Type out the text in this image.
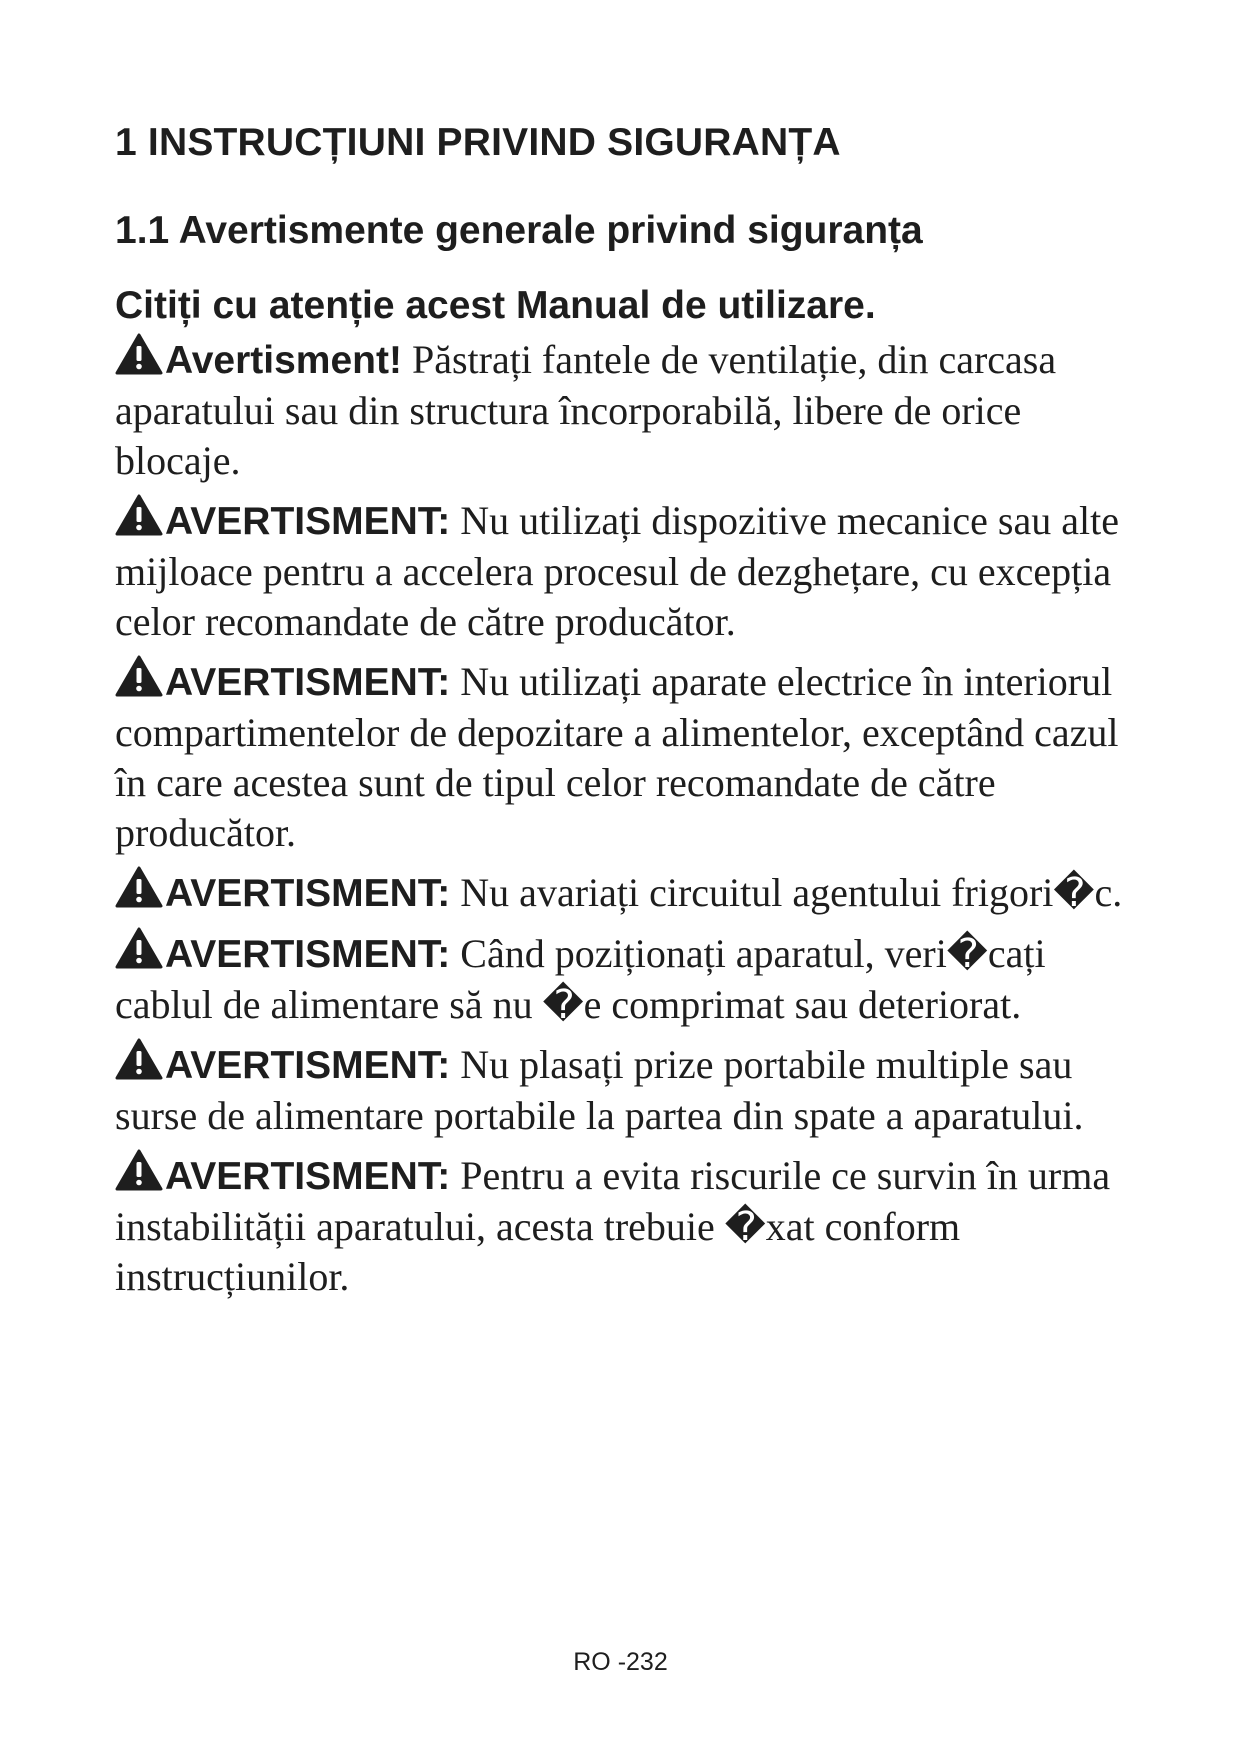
1 INSTRUCȚIUNI PRIVIND SIGURANȚA
1.1 Avertismente generale privind siguranța
Citiți cu atenție acest Manual de utilizare.
Avertisment! Păstrați fantele de ventilație, din carcasa aparatului sau din structura încorporabilă, libere de orice blocaje.
AVERTISMENT: Nu utilizați dispozitive mecanice sau alte mijloace pentru a accelera procesul de dezghețare, cu excepția celor recomandate de către producător.
AVERTISMENT: Nu utilizați aparate electrice în interiorul compartimentelor de depozitare a alimentelor, exceptând cazul în care acestea sunt de tipul celor recomandate de către producător.
AVERTISMENT: Nu avariați circuitul agentului frigori�c.
AVERTISMENT: Când poziționați aparatul, veri�cați cablul de alimentare să nu �e comprimat sau deteriorat.
AVERTISMENT: Nu plasați prize portabile multiple sau surse de alimentare portabile la partea din spate a aparatului.
AVERTISMENT: Pentru a evita riscurile ce survin în urma instabilității aparatului, acesta trebuie �xat conform instrucțiunilor.
RO -232
